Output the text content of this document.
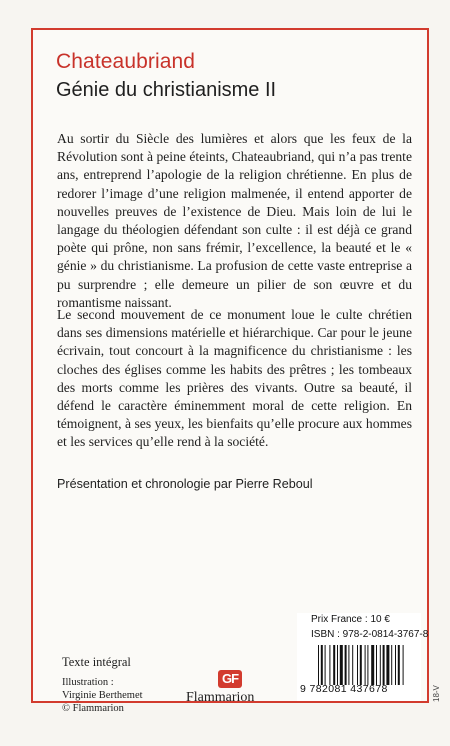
Chateaubriand
Génie du christianisme II
Au sortir du Siècle des lumières et alors que les feux de la Révolution sont à peine éteints, Chateaubriand, qui n’a pas trente ans, entreprend l’apologie de la religion chrétienne. En plus de redorer l’image d’une religion malmenée, il entend apporter de nouvelles preuves de l’existence de Dieu. Mais loin de lui le langage du théologien défendant son culte : il est déjà ce grand poète qui prône, non sans frémir, l’excellence, la beauté et le « génie » du christianisme. La profusion de cette vaste entreprise a pu surprendre ; elle demeure un pilier de son œuvre et du romantisme naissant.
Le second mouvement de ce monument loue le culte chrétien dans ses dimensions matérielle et hiérarchique. Car pour le jeune écrivain, tout concourt à la magnificence du christianisme : les cloches des églises comme les habits des prêtres ; les tombeaux des morts comme les prières des vivants. Outre sa beauté, il défend le caractère éminemment moral de cette religion. En témoignent, à ses yeux, les bienfaits qu’elle procure aux hommes et les services qu’elle rend à la société.
Présentation et chronologie par Pierre Reboul
Texte intégral
Illustration :
Virginie Berthemet
© Flammarion
GF
Flammarion
Prix France : 10 €
ISBN : 978-2-0814-3767-8
9 782081 437678	18-V
